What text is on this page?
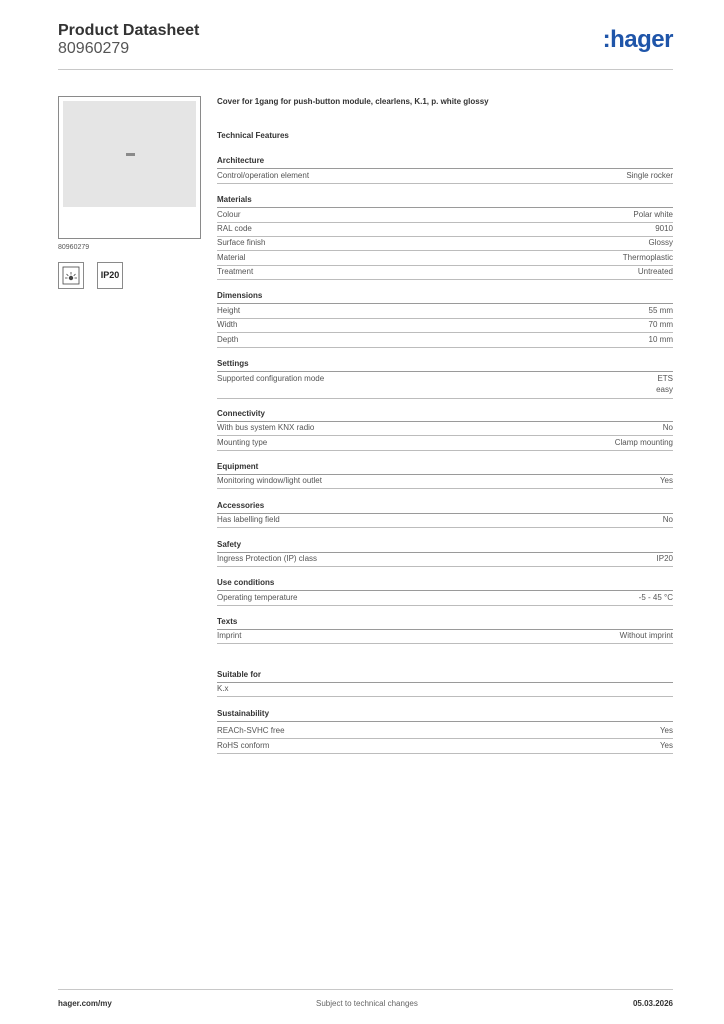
Product Datasheet
80960279	:hager
80960279
IP20
Cover for 1gang for push-button module, clearlens, K.1, p. white glossy
Technical Features
Architecture
Control/operation element	Single rocker
Materials
Colour	Polar white
RAL code	9010
Surface finish	Glossy
Material	Thermoplastic
Treatment	Untreated
Dimensions
Height	55 mm
Width	70 mm
Depth	10 mm
Settings
Supported configuration mode	ETS
easy
Connectivity
With bus system KNX radio	No
Mounting type	Clamp mounting
Equipment
Monitoring window/light outlet	Yes
Accessories
Has labelling field	No
Safety
Ingress Protection (IP) class	IP20
Use conditions
Operating temperature	-5 - 45 °C
Texts
Imprint	Without imprint
Suitable for
K.x
Sustainability
REACh-SVHC free	Yes
RoHS conform	Yes
hager.com/my	Subject to technical changes	05.03.2026
